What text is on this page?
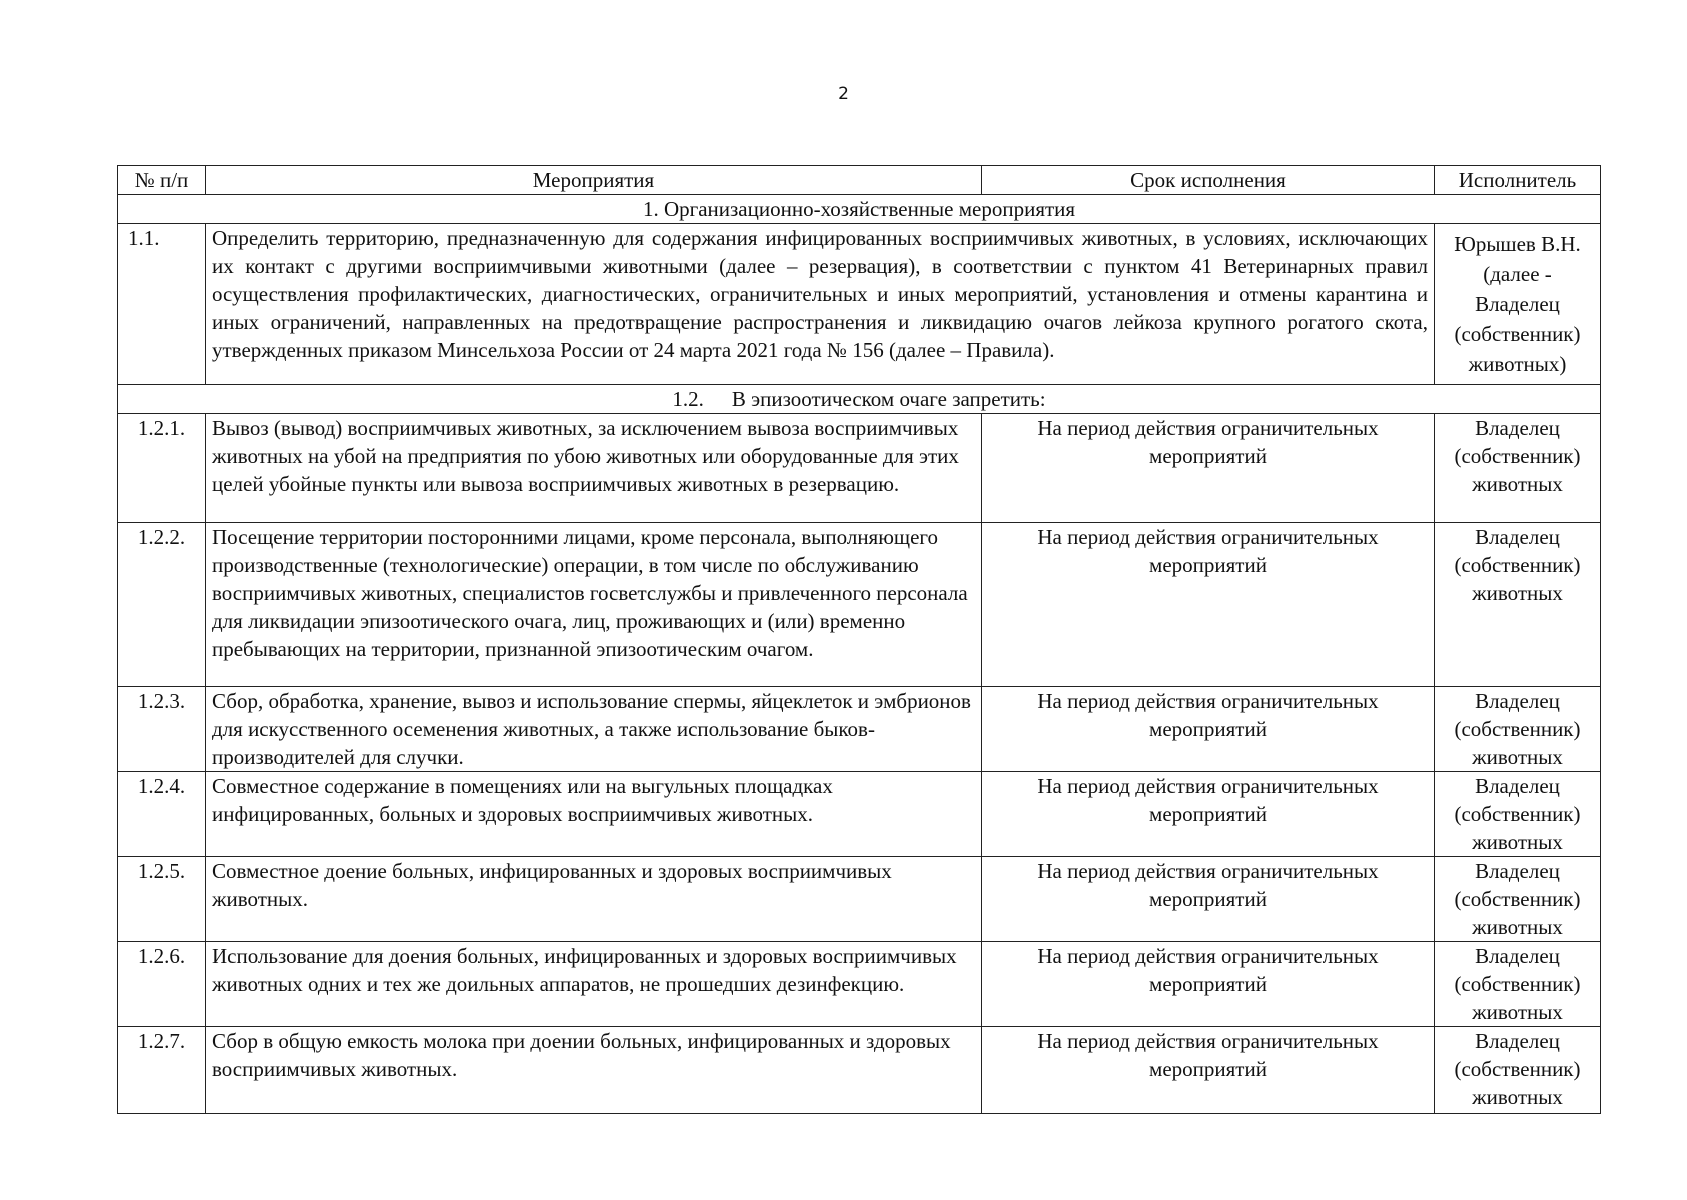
2
№ п/п	Мероприятия	Срок исполнения	Исполнитель
1. Организационно-хозяйственные мероприятия			
1.1.	Определить территорию, предназначенную для содержания инфицированных восприимчивых животных, в условиях, исключающих их контакт с другими восприимчивыми животными (далее – резервация), в соответствии с пунктом 41 Ветеринарных правил осуществления профилактических, диагностических, ограничительных и иных мероприятий, установления и отмены карантина и иных ограничений, направленных на предотвращение распространения и ликвидацию очагов лейкоза крупного рогатого скота, утвержденных приказом Минсельхоза России от 24 марта 2021 года № 156 (далее – Правила).		Юрышев В.Н. (далее - Владелец (собственник) животных)
1.2. В эпизоотическом очаге запретить:			
1.2.1.	Вывоз (вывод) восприимчивых животных, за исключением вывоза восприимчивых животных на убой на предприятия по убою животных или оборудованные для этих целей убойные пункты или вывоза восприимчивых животных в резервацию.	На период действия ограничительных мероприятий	Владелец (собственник) животных
1.2.2.	Посещение территории посторонними лицами, кроме персонала, выполняющего производственные (технологические) операции, в том числе по обслуживанию восприимчивых животных, специалистов госветслужбы и привлеченного персонала для ликвидации эпизоотического очага, лиц, проживающих и (или) временно пребывающих на территории, признанной эпизоотическим очагом.	На период действия ограничительных мероприятий	Владелец (собственник) животных
1.2.3.	Сбор, обработка, хранение, вывоз и использование спермы, яйцеклеток и эмбрионов для искусственного осеменения животных, а также использование быков-производителей для случки.	На период действия ограничительных мероприятий	Владелец (собственник) животных
1.2.4.	Совместное содержание в помещениях или на выгульных площадках инфицированных, больных и здоровых восприимчивых животных.	На период действия ограничительных мероприятий	Владелец (собственник) животных
1.2.5.	Совместное доение больных, инфицированных и здоровых восприимчивых животных.	На период действия ограничительных мероприятий	Владелец (собственник) животных
1.2.6.	Использование для доения больных, инфицированных и здоровых восприимчивых животных одних и тех же доильных аппаратов, не прошедших дезинфекцию.	На период действия ограничительных мероприятий	Владелец (собственник) животных
1.2.7.	Сбор в общую емкость молока при доении больных, инфицированных и здоровых восприимчивых животных.	На период действия ограничительных мероприятий	Владелец (собственник) животных
